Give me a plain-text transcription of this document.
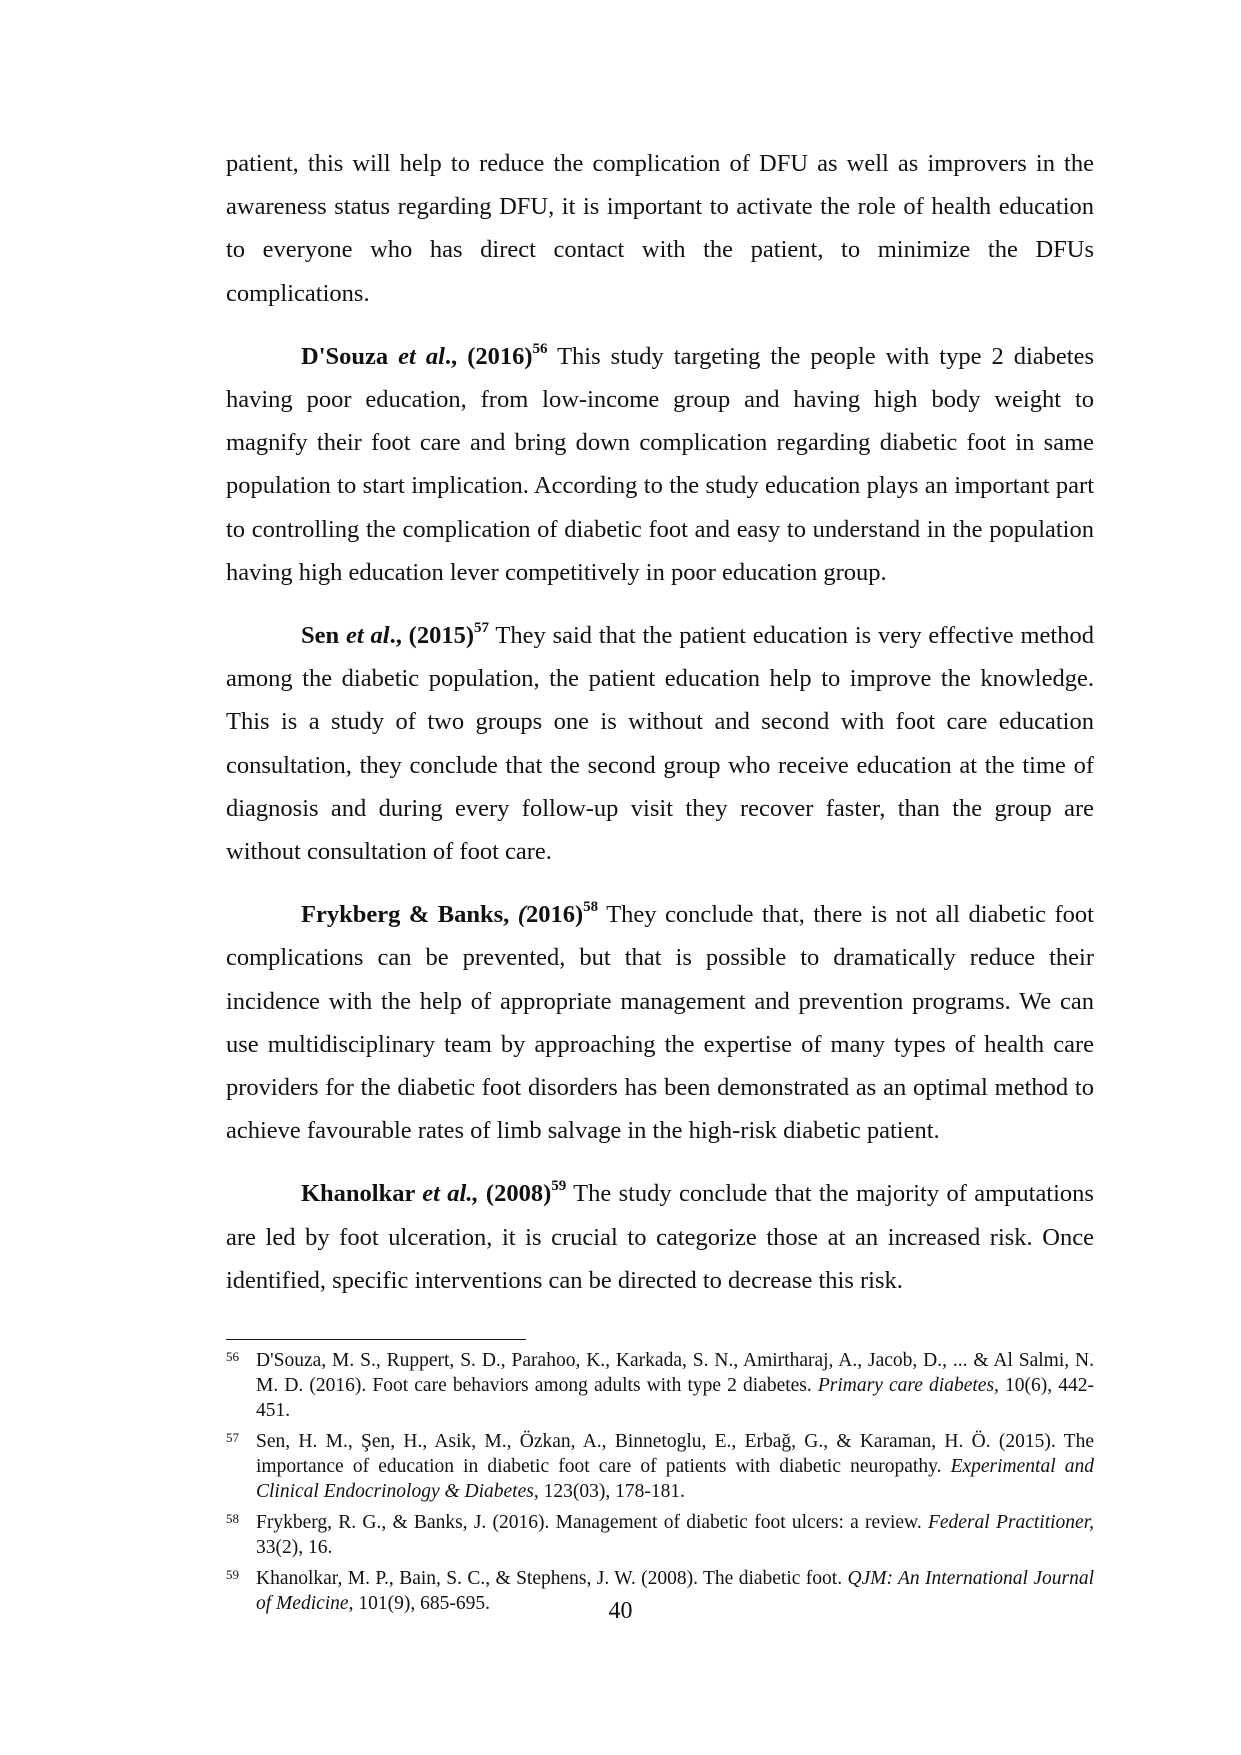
patient, this will help to reduce the complication of DFU as well as improvers in the awareness status regarding DFU, it is important to activate the role of health education to everyone who has direct contact with the patient, to minimize the DFUs complications.

D'Souza et al., $(2016)^{56}$ This study targeting the people with type 2 diabetes having poor education, from low-income group and having high body weight to magnify their foot care and bring down complication regarding diabetic foot in same population to start implication. According to the study education plays an important part to controlling the complication of diabetic foot and easy to understand in the population having high education lever competitively in poor education group.

Sen et al., $(2015)^{57}$ They said that the patient education is very effective method among the diabetic population, the patient education help to improve the knowledge. This is a study of two groups one is without and second with foot care education consultation, they conclude that the second group who receive education at the time of diagnosis and during every follow-up visit they recover faster, than the group are without consultation of foot care.

Frykberg & Banks, $(2016)^{58}$ They conclude that, there is not all diabetic foot complications can be prevented, but that is possible to dramatically reduce their incidence with the help of appropriate management and prevention programs. We can use multidisciplinary team by approaching the expertise of many types of health care providers for the diabetic foot disorders has been demonstrated as an optimal method to achieve favourable rates of limb salvage in the high-risk diabetic patient.

Khanolkar et al., $(2008)^{59}$ The study conclude that the majority of amputations are led by foot ulceration, it is crucial to categorize those at an increased risk. Once identified, specific interventions can be directed to decrease this risk.

56 D'Souza, M. S., Ruppert, S. D., Parahoo, K., Karkada, S. N., Amirtharaj, A., Jacob, D., ... & Al Salmi, N. M. D. (2016). Foot care behaviors among adults with type 2 diabetes. Primary care diabetes, 10(6), 442-451.
57 Sen, H. M., Şen, H., Asik, M., Özkan, A., Binnetoglu, E., Erbağ, G., & Karaman, H. Ö. (2015). The importance of education in diabetic foot care of patients with diabetic neuropathy. Experimental and Clinical Endocrinology & Diabetes, 123(03), 178-181.
58 Frykberg, R. G., & Banks, J. (2016). Management of diabetic foot ulcers: a review. Federal Practitioner, 33(2), 16.
59 Khanolkar, M. P., Bain, S. C., & Stephens, J. W. (2008). The diabetic foot. QJM: An International Journal of Medicine, 101(9), 685-695.	40
